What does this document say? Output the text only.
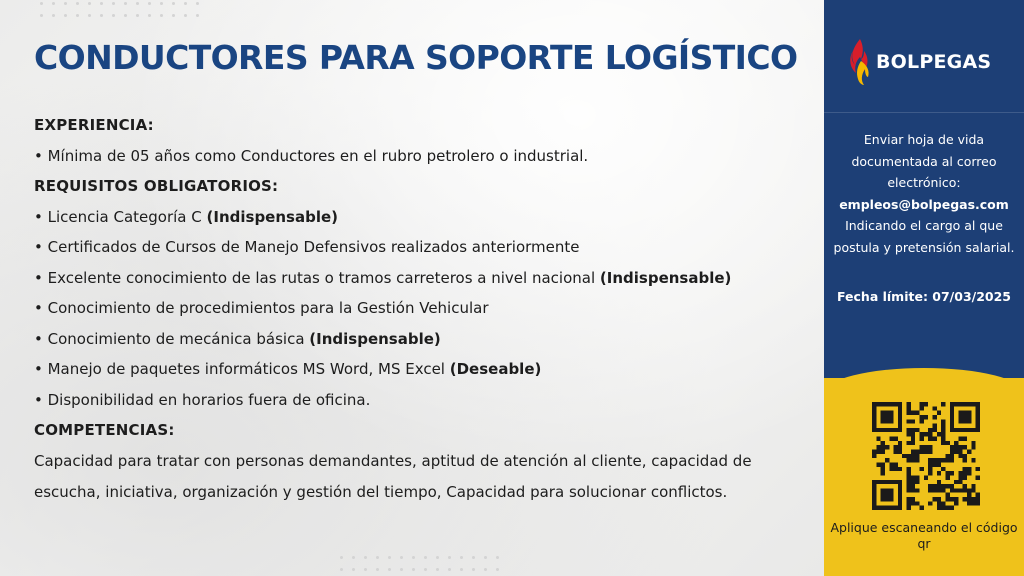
CONDUCTORES PARA SOPORTE LOGÍSTICO
EXPERIENCIA:
• Mínima de 05 años como Conductores en el rubro petrolero o industrial.
REQUISITOS OBLIGATORIOS:
• Licencia Categoría C (Indispensable)
• Certificados de Cursos de Manejo Defensivos realizados anteriormente
• Excelente conocimiento de las rutas o tramos carreteros a nivel nacional (Indispensable)
• Conocimiento de procedimientos para la Gestión Vehicular
• Conocimiento de mecánica básica (Indispensable)
• Manejo de paquetes informáticos MS Word, MS Excel (Deseable)
• Disponibilidad en horarios fuera de oficina.
COMPETENCIAS:
Capacidad para tratar con personas demandantes, aptitud de atención al cliente, capacidad de escucha, iniciativa, organización y gestión del tiempo, Capacidad para solucionar conflictos.
BOLPEGAS
Enviar hoja de vida documentada al correo electrónico:
empleos@bolpegas.com
Indicando el cargo al que postula y pretensión salarial.
Fecha límite: 07/03/2025
Aplique escaneando el código qr
